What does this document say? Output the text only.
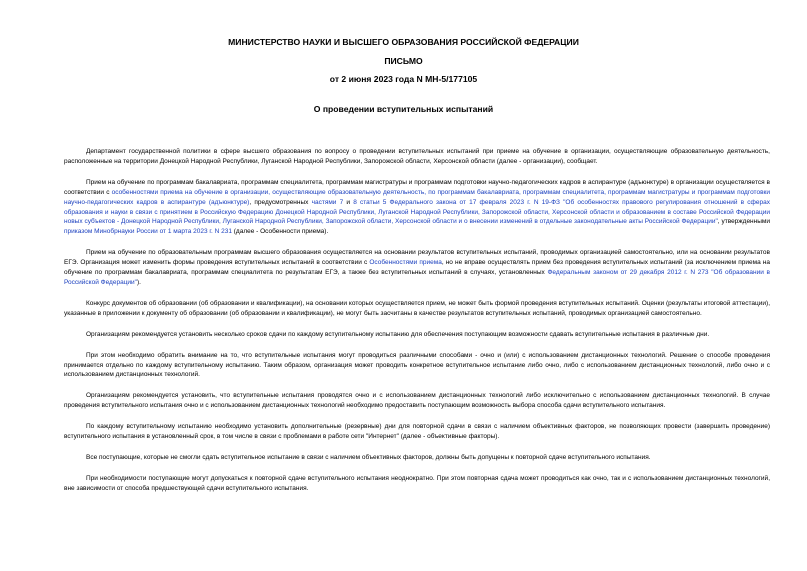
МИНИСТЕРСТВО НАУКИ И ВЫСШЕГО ОБРАЗОВАНИЯ РОССИЙСКОЙ ФЕДЕРАЦИИ
ПИСЬМО
от 2 июня 2023 года N МН-5/177105
О проведении вступительных испытаний

Департамент государственной политики в сфере высшего образования по вопросу о проведении вступительных испытаний при приеме на обучение в организации, осуществляющие образовательную деятельность, расположенные на территории Донецкой Народной Республики, Луганской Народной Республики, Запорожской области, Херсонской области (далее - организации), сообщает.

Прием на обучение по программам бакалавриата, программам специалитета, программам магистратуры и программам подготовки научно-педагогических кадров в аспирантуре (адъюнктуре) в организации осуществляется в соответствии с особенностями приема на обучение в организации, осуществляющие образовательную деятельность, по программам бакалавриата, программам специалитета, программам магистратуры и программам подготовки научно-педагогических кадров в аспирантуре (адъюнктуре), предусмотренных частями 7 и 8 статьи 5 Федерального закона от 17 февраля 2023 г. N 19-ФЗ "Об особенностях правового регулирования отношений в сферах образования и науки в связи с принятием в Российскую Федерацию Донецкой Народной Республики, Луганской Народной Республики, Запорожской области, Херсонской области и образованием в составе Российской Федерации новых субъектов - Донецкой Народной Республики, Луганской Народной Республики, Запорожской области, Херсонской области и о внесении изменений в отдельные законодательные акты Российской Федерации", утвержденными приказом Минобрнауки России от 1 марта 2023 г. N 231 (далее - Особенности приема).

Прием на обучение по образовательным программам высшего образования осуществляется на основании результатов вступительных испытаний, проводимых организацией самостоятельно, или на основании результатов ЕГЭ. Организация может изменить формы проведения вступительных испытаний в соответствии с Особенностями приема, но не вправе осуществлять прием без проведения вступительных испытаний (за исключением приема на обучение по программам бакалавриата, программам специалитета по результатам ЕГЭ, а также без вступительных испытаний в случаях, установленных Федеральным законом от 29 декабря 2012 г. N 273 "Об образовании в Российской Федерации").

Конкурс документов об образовании (об образовании и квалификации), на основании которых осуществляется прием, не может быть формой проведения вступительных испытаний. Оценки (результаты итоговой аттестации), указанные в приложении к документу об образовании (об образовании и квалификации), не могут быть засчитаны в качестве результатов вступительных испытаний, проводимых организацией самостоятельно.

Организациям рекомендуется установить несколько сроков сдачи по каждому вступительному испытанию для обеспечения поступающим возможности сдавать вступительные испытания в различные дни.

При этом необходимо обратить внимание на то, что вступительные испытания могут проводиться различными способами - очно и (или) с использованием дистанционных технологий. Решение о способе проведения принимается отдельно по каждому вступительному испытанию. Таким образом, организация может проводить конкретное вступительное испытание либо очно, либо с использованием дистанционных технологий, либо очно и с использованием дистанционных технологий.

Организациям рекомендуется установить, что вступительные испытания проводятся очно и с использованием дистанционных технологий либо исключительно с использованием дистанционных технологий. В случае проведения вступительного испытания очно и с использованием дистанционных технологий необходимо предоставить поступающим возможность выбора способа сдачи вступительного испытания.

По каждому вступительному испытанию необходимо установить дополнительные (резервные) дни для повторной сдачи в связи с наличием объективных факторов, не позволяющих провести (завершить проведение) вступительного испытания в установленный срок, в том числе в связи с проблемами в работе сети "Интернет" (далее - объективные факторы).

Все поступающие, которые не смогли сдать вступительное испытание в связи с наличием объективных факторов, должны быть допущены к повторной сдаче вступительного испытания.

При необходимости поступающие могут допускаться к повторной сдаче вступительного испытания неоднократно. При этом повторная сдача может проводиться как очно, так и с использованием дистанционных технологий, вне зависимости от способа предшествующей сдачи вступительного испытания.
